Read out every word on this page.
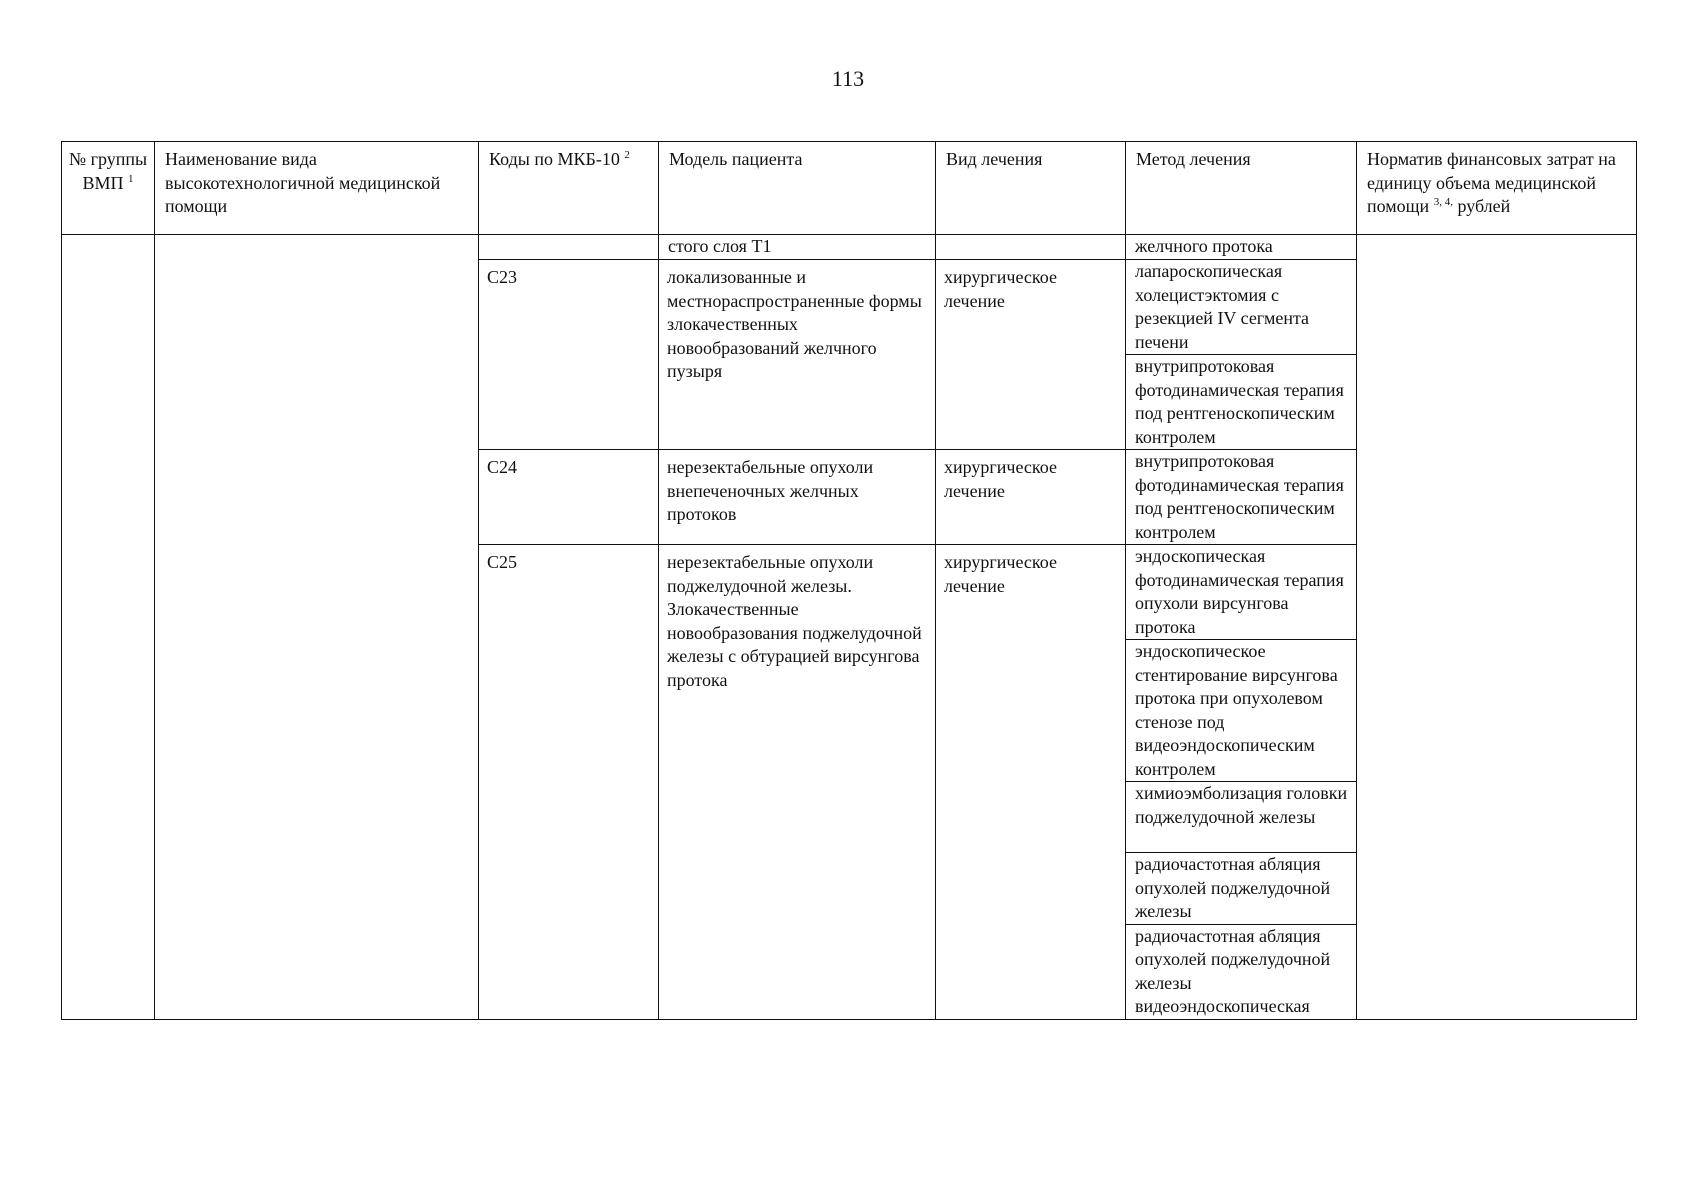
113
№ группы ВМП $^1$	Наименование вида высокотехнологичной медицинской помощи	Коды по МКБ-10 $^2$	Модель пациента	Вид лечения	Метод лечения	Норматив финансовых затрат на единицу объема медицинской помощи $^{3, 4,}$ рублей
			стого слоя T1		желчного протока	
		C23	локализованные и местнораспространенные формы злокачественных новообразований желчного пузыря	хирургическое лечение	лапароскопическая холецистэктомия с резекцией IV сегмента печени	
					внутрипротоковая фотодинамическая терапия под рентгеноскопическим контролем	
		C24	нерезектабельные опухоли внепеченочных желчных протоков	хирургическое лечение	внутрипротоковая фотодинамическая терапия под рентгеноскопическим контролем	
		C25	нерезектабельные опухоли поджелудочной железы. Злокачественные новообразования поджелудочной железы с обтурацией вирсунгова протока	хирургическое лечение	эндоскопическая фотодинамическая терапия опухоли вирсунгова протока	
					эндоскопическое стентирование вирсунгова протока при опухолевом стенозе под видеоэндоскопическим контролем	
					химиоэмболизация головки поджелудочной железы	
					радиочастотная абляция опухолей поджелудочной железы	
					радиочастотная абляция опухолей поджелудочной железы видеоэндоскопическая	
